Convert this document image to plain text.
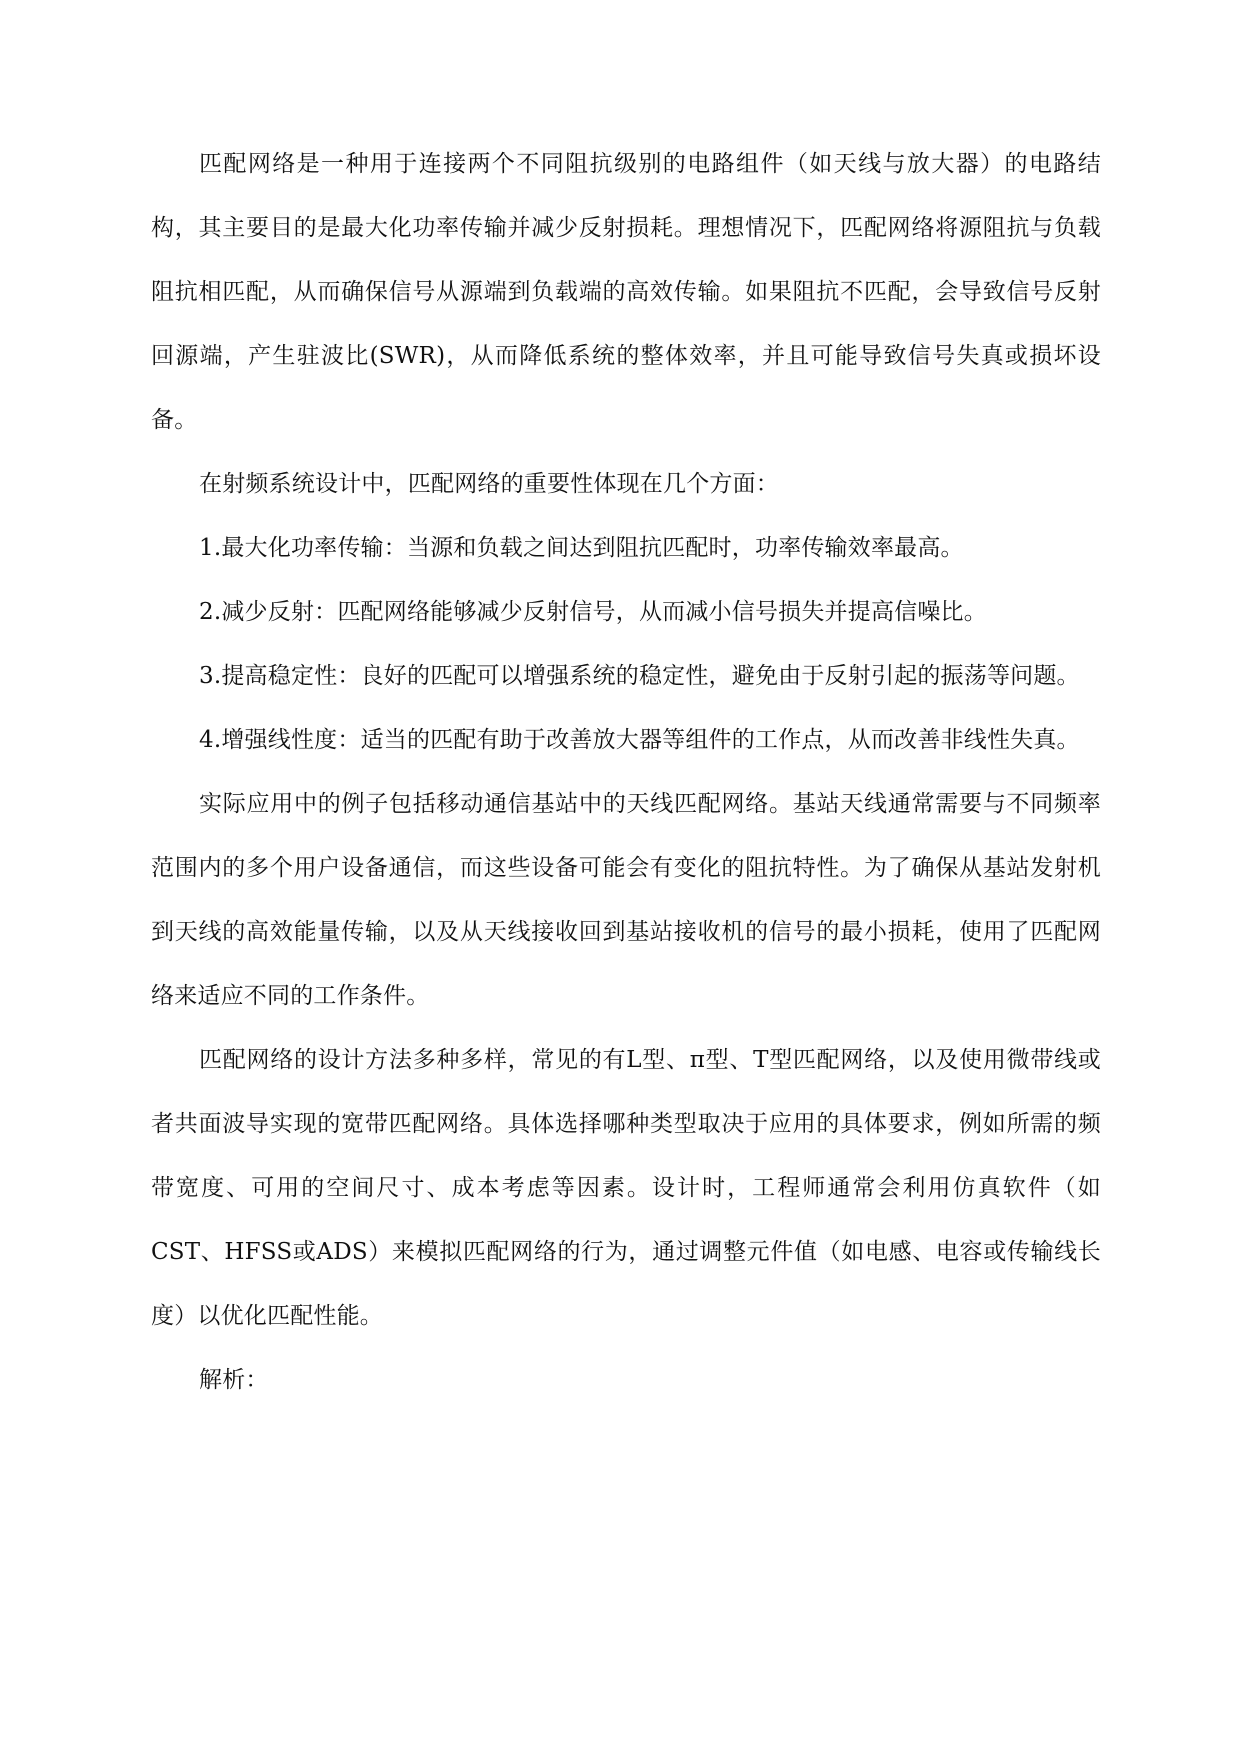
匹配网络是一种用于连接两个不同阻抗级别的电路组件（如天线与放大器）的电路结构，其主要目的是最大化功率传输并减少反射损耗。理想情况下，匹配网络将源阻抗与负载阻抗相匹配，从而确保信号从源端到负载端的高效传输。如果阻抗不匹配，会导致信号反射回源端，产生驻波比(SWR)，从而降低系统的整体效率，并且可能导致信号失真或损坏设备。

在射频系统设计中，匹配网络的重要性体现在几个方面：

1.最大化功率传输：当源和负载之间达到阻抗匹配时，功率传输效率最高。

2.减少反射：匹配网络能够减少反射信号，从而减小信号损失并提高信噪比。

3.提高稳定性：良好的匹配可以增强系统的稳定性，避免由于反射引起的振荡等问题。

4.增强线性度：适当的匹配有助于改善放大器等组件的工作点，从而改善非线性失真。

实际应用中的例子包括移动通信基站中的天线匹配网络。基站天线通常需要与不同频率范围内的多个用户设备通信，而这些设备可能会有变化的阻抗特性。为了确保从基站发射机到天线的高效能量传输，以及从天线接收回到基站接收机的信号的最小损耗，使用了匹配网络来适应不同的工作条件。

匹配网络的设计方法多种多样，常见的有L型、π型、T型匹配网络，以及使用微带线或者共面波导实现的宽带匹配网络。具体选择哪种类型取决于应用的具体要求，例如所需的频带宽度、可用的空间尺寸、成本考虑等因素。设计时，工程师通常会利用仿真软件（如CST、HFSS或ADS）来模拟匹配网络的行为，通过调整元件值（如电感、电容或传输线长度）以优化匹配性能。

解析：
